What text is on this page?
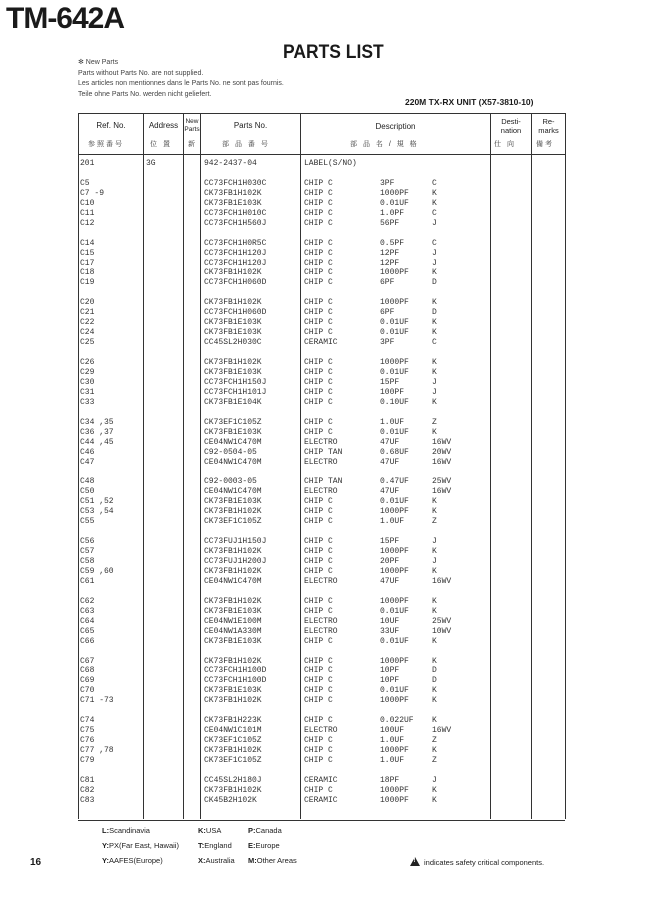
TM-642A
PARTS LIST
✻ New Parts
Parts without Parts No. are not supplied.
Les articles non mentionnes dans le Parts No. ne sont pas fournis.
Teile ohne Parts No. werden nicht geliefert.
220M TX-RX UNIT (X57-3810-10)
Ref. No.
参照番号
Address
位 置
New Parts
新
Parts No.
部 品 番 号
Description
部 品 名 / 規 格
Desti- nation
仕 向
Re- marks
備考
201	3G	942-2437-04	LABEL(S/NO)
C5	CC73FCH1H030C	CHIP C	3PF	C
C7 -9	CK73FB1H102K	CHIP C	1000PF	K
C10	CK73FB1E103K	CHIP C	0.01UF	K
C11	CC73FCH1H010C	CHIP C	1.0PF	C
C12	CC73FCH1H560J	CHIP C	56PF	J
C14	CC73FCH1H0R5C	CHIP C	0.5PF	C
C15	CC73FCH1H120J	CHIP C	12PF	J
C17	CC73FCH1H120J	CHIP C	12PF	J
C18	CK73FB1H102K	CHIP C	1000PF	K
C19	CC73FCH1H060D	CHIP C	6PF	D
C20	CK73FB1H102K	CHIP C	1000PF	K
C21	CC73FCH1H060D	CHIP C	6PF	D
C22	CK73FB1E103K	CHIP C	0.01UF	K
C24	CK73FB1E103K	CHIP C	0.01UF	K
C25	CC45SL2H030C	CERAMIC	3PF	C
C26	CK73FB1H102K	CHIP C	1000PF	K
C29	CK73FB1E103K	CHIP C	0.01UF	K
C30	CC73FCH1H150J	CHIP C	15PF	J
C31	CC73FCH1H101J	CHIP C	100PF	J
C33	CK73FB1E104K	CHIP C	0.10UF	K
C34 ,35	CK73EF1C105Z	CHIP C	1.0UF	Z
C36 ,37	CK73FB1E103K	CHIP C	0.01UF	K
C44 ,45	CE04NW1C470M	ELECTRO	47UF	16WV
C46	C92-0504-05	CHIP TAN	0.68UF	20WV
C47	CE04NW1C470M	ELECTRO	47UF	16WV
C48	C92-0003-05	CHIP TAN	0.47UF	25WV
C50	CE04NW1C470M	ELECTRO	47UF	16WV
C51 ,52	CK73FB1E103K	CHIP C	0.01UF	K
C53 ,54	CK73FB1H102K	CHIP C	1000PF	K
C55	CK73EF1C105Z	CHIP C	1.0UF	Z
C56	CC73FUJ1H150J	CHIP C	15PF	J
C57	CK73FB1H102K	CHIP C	1000PF	K
C58	CC73FUJ1H200J	CHIP C	20PF	J
C59 ,60	CK73FB1H102K	CHIP C	1000PF	K
C61	CE04NW1C470M	ELECTRO	47UF	16WV
C62	CK73FB1H102K	CHIP C	1000PF	K
C63	CK73FB1E103K	CHIP C	0.01UF	K
C64	CE04NW1E100M	ELECTRO	10UF	25WV
C65	CE04NW1A330M	ELECTRO	33UF	10WV
C66	CK73FB1E103K	CHIP C	0.01UF	K
C67	CK73FB1H102K	CHIP C	1000PF	K
C68	CC73FCH1H100D	CHIP C	10PF	D
C69	CC73FCH1H100D	CHIP C	10PF	D
C70	CK73FB1E103K	CHIP C	0.01UF	K
C71 -73	CK73FB1H102K	CHIP C	1000PF	K
C74	CK73FB1H223K	CHIP C	0.022UF K
C75	CE04NW1C101M	ELECTRO	100UF	16WV
C76	CK73EF1C105Z	CHIP C	1.0UF	Z
C77 ,78	CK73FB1H102K	CHIP C	1000PF	K
C79	CK73EF1C105Z	CHIP C	1.0UF	Z
C81	CC45SL2H180J	CERAMIC	18PF	J
C82	CK73FB1H102K	CHIP C	1000PF	K
C83	CK45B2H102K	CERAMIC	1000PF	K
L:Scandinavia	K:USA	P:Canada
Y:PX(Far East, Hawaii)	T:England E:Europe
Y:AAFES(Europe)	X:Australia M:Other Areas
16
!	indicates safety critical components.
